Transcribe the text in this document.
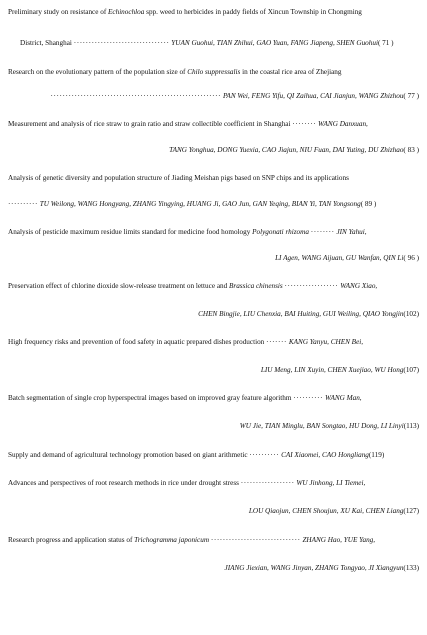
Preliminary study on resistance of Echinochloa spp. weed to herbicides in paddy fields of Xincun Township in Chongming
District, Shanghai ································ YUAN Guohui, TIAN Zhihui, GAO Yuan, FANG Jiapeng, SHEN Guohui( 71 )
Research on the evolutionary pattern of the population size of Chilo suppressalis in the coastal rice area of Zhejiang
························································· PAN Wei, FENG Yifu, QI Zaihua, CAI Jianjun, WANG Zhizhou( 77 )
Measurement and analysis of rice straw to grain ratio and straw collectible coefficient in Shanghai ········ WANG Danxuan,
TANG Yonghua, DONG Yuexia, CAO Jiajun, NIU Fuan, DAI Yuting, DU Zhizhao( 83 )
Analysis of genetic diversity and population structure of Jiading Meishan pigs based on SNP chips and its applications
·········· TU Weilong, WANG Hongyang, ZHANG Yingying, HUANG Ji, GAO Jun, GAN Yeqing, BIAN Yi, TAN Yongsong( 89 )
Analysis of pesticide maximum residue limits standard for medicine food homology Polygonati rhizoma ········ JIN Yahui,
LI Agen, WANG Aijuan, GU Wanfan, QIN Li( 96 )
Preservation effect of chlorine dioxide slow-release treatment on lettuce and Brassica chinensis ·················· WANG Xiao,
CHEN Bingjie, LIU Chenxia, BAI Huiting, GUI Weiling, QIAO Yongjin(102)
High frequency risks and prevention of food safety in aquatic prepared dishes production ······· KANG Yanyu, CHEN Bei,
LIU Meng, LIN Xuyin, CHEN Xuejiao, WU Hong(107)
Batch segmentation of single crop hyperspectral images based on improved gray feature algorithm ·········· WANG Man,
WU Jie, TIAN Minglu, BAN Songtao, HU Dong, LI Linyi(113)
Supply and demand of agricultural technology promotion based on giant arithmetic ·········· CAI Xiaomei, CAO Hongliang(119)
Advances and perspectives of root research methods in rice under drought stress ·················· WU Jinhong, LI Tiemei,
LOU Qiaojun, CHEN Shoujun, XU Kai, CHEN Liang(127)
Research progress and application status of Trichogramma japonicum ······························ ZHANG Hao, YUE Yang,
JIANG Jiexian, WANG Jinyan, ZHANG Tongyao, JI Xiangyun(133)
